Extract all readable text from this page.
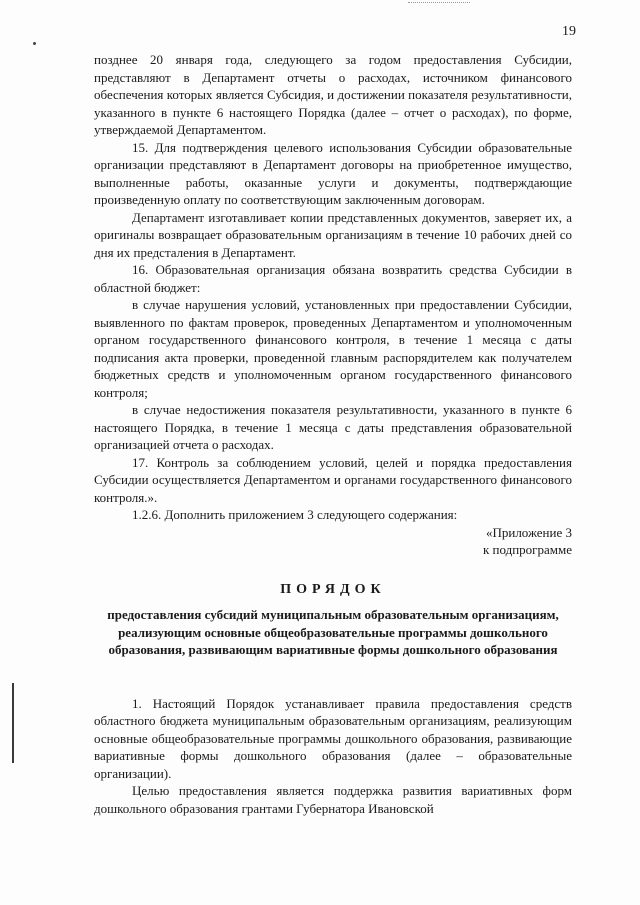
19

позднее 20 января года, следующего за годом предоставления Субсидии, представляют в Департамент отчеты о расходах, источником финансового обеспечения которых является Субсидия, и достижении показателя результативности, указанного в пункте 6 настоящего Порядка (далее – отчет о расходах), по форме, утверждаемой Департаментом.

15. Для подтверждения целевого использования Субсидии образовательные организации представляют в Департамент договоры на приобретенное имущество, выполненные работы, оказанные услуги и документы, подтверждающие произведенную оплату по соответствующим заключенным договорам.

Департамент изготавливает копии представленных документов, заверяет их, а оригиналы возвращает образовательным организациям в течение 10 рабочих дней со дня их предсталения в Департамент.

16. Образовательная организация обязана возвратить средства Субсидии в областной бюджет:

в случае нарушения условий, установленных при предоставлении Субсидии, выявленного по фактам проверок, проведенных Департаментом и уполномоченным органом государственного финансового контроля, в течение 1 месяца с даты подписания акта проверки, проведенной главным распорядителем как получателем бюджетных средств и уполномоченным органом государственного финансового контроля;

в случае недостижения показателя результативности, указанного в пункте 6 настоящего Порядка, в течение 1 месяца с даты представления образовательной организацией отчета о расходах.

17. Контроль за соблюдением условий, целей и порядка предоставления Субсидии осуществляется Департаментом и органами государственного финансового контроля.».

1.2.6. Дополнить приложением 3 следующего содержания:

«Приложение 3
к подпрограмме

ПОРЯДОК
предоставления субсидий муниципальным образовательным организациям, реализующим основные общеобразовательные программы дошкольного образования, развивающим вариативные формы дошкольного образования

1. Настоящий Порядок устанавливает правила предоставления средств областного бюджета муниципальным образовательным организациям, реализующим основные общеобразовательные программы дошкольного образования, развивающие вариативные формы дошкольного образования (далее – образовательные организации).

Целью предоставления является поддержка развития вариативных форм дошкольного образования грантами Губернатора Ивановской
